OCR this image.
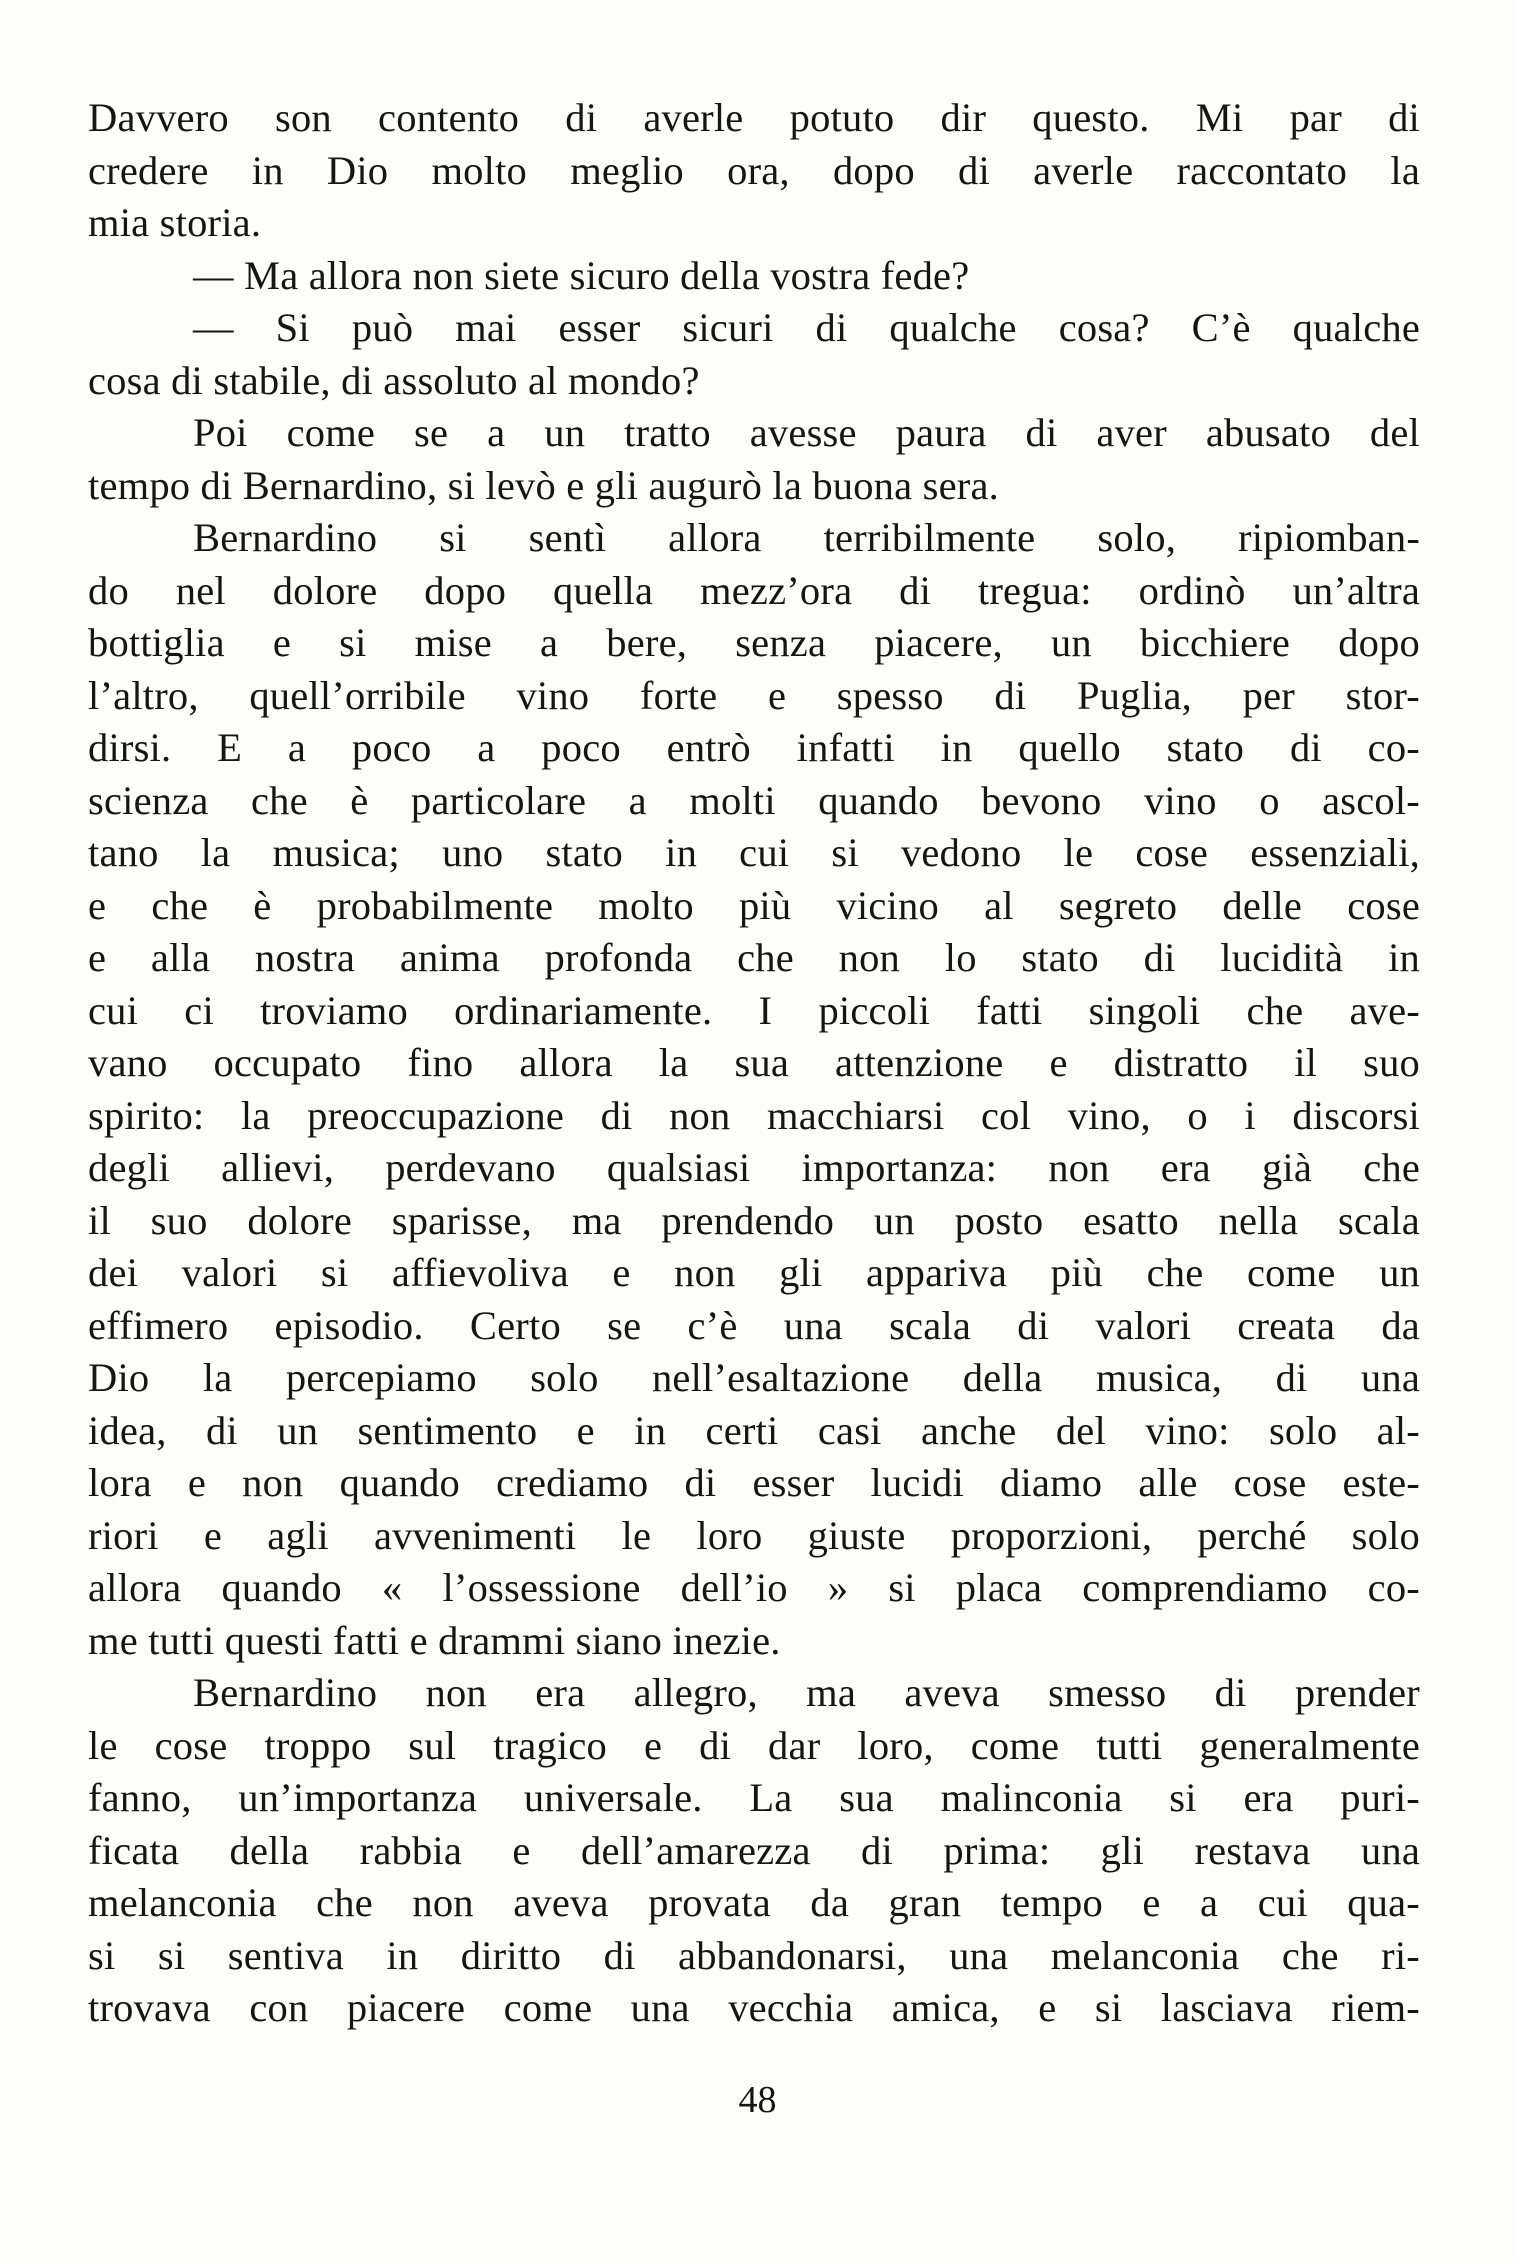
Davvero son contento di averle potuto dir questo. Mi par di
credere in Dio molto meglio ora, dopo di averle raccontato la
mia storia.
— Ma allora non siete sicuro della vostra fede?
— Si può mai esser sicuri di qualche cosa? C’è qualche
cosa di stabile, di assoluto al mondo?
Poi come se a un tratto avesse paura di aver abusato del
tempo di Bernardino, si levò e gli augurò la buona sera.
Bernardino si sentì allora terribilmente solo, ripiomban-
do nel dolore dopo quella mezz’ora di tregua: ordinò un’altra
bottiglia e si mise a bere, senza piacere, un bicchiere dopo
l’altro, quell’orribile vino forte e spesso di Puglia, per stor-
dirsi. E a poco a poco entrò infatti in quello stato di co-
scienza che è particolare a molti quando bevono vino o ascol-
tano la musica; uno stato in cui si vedono le cose essenziali,
e che è probabilmente molto più vicino al segreto delle cose
e alla nostra anima profonda che non lo stato di lucidità in
cui ci troviamo ordinariamente. I piccoli fatti singoli che ave-
vano occupato fino allora la sua attenzione e distratto il suo
spirito: la preoccupazione di non macchiarsi col vino, o i discorsi
degli allievi, perdevano qualsiasi importanza: non era già che
il suo dolore sparisse, ma prendendo un posto esatto nella scala
dei valori si affievoliva e non gli appariva più che come un
effimero episodio. Certo se c’è una scala di valori creata da
Dio la percepiamo solo nell’esaltazione della musica, di una
idea, di un sentimento e in certi casi anche del vino: solo al-
lora e non quando crediamo di esser lucidi diamo alle cose este-
riori e agli avvenimenti le loro giuste proporzioni, perché solo
allora quando « l’ossessione dell’io » si placa comprendiamo co-
me tutti questi fatti e drammi siano inezie.
Bernardino non era allegro, ma aveva smesso di prender
le cose troppo sul tragico e di dar loro, come tutti generalmente
fanno, un’importanza universale. La sua malinconia si era puri-
ficata della rabbia e dell’amarezza di prima: gli restava una
melanconia che non aveva provata da gran tempo e a cui qua-
si si sentiva in diritto di abbandonarsi, una melanconia che ri-
trovava con piacere come una vecchia amica, e si lasciava riem-
48
